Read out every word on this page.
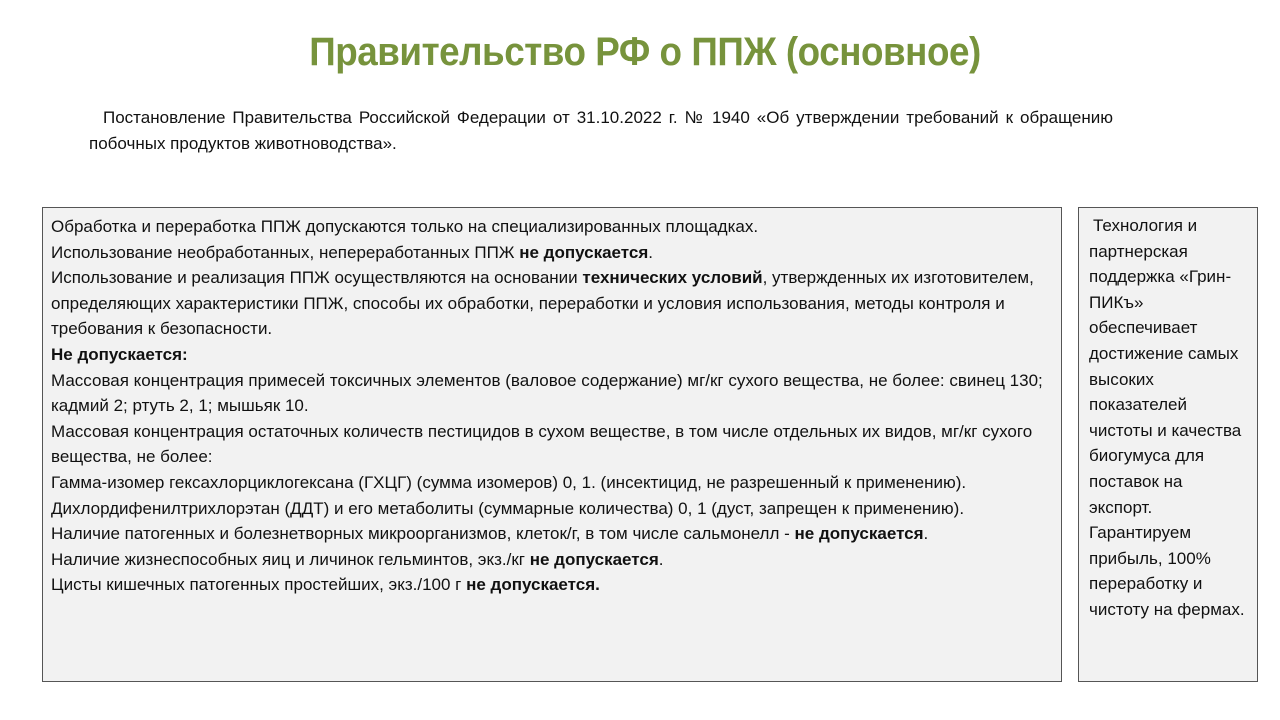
Правительство РФ о ППЖ (основное)

Постановление Правительства Российской Федерации от 31.10.2022 г. № 1940 «Об утверждении требований к обращению побочных продуктов животноводства».

Обработка и переработка ППЖ допускаются только на специализированных площадках.

Использование необработанных, непереработанных ППЖ не допускается.

Использование и реализация ППЖ осуществляются на основании технических условий, утвержденных их изготовителем, определяющих характеристики ППЖ, способы их обработки, переработки и условия использования, методы контроля и требования к безопасности.

Не допускается:

Массовая концентрация примесей токсичных элементов (валовое содержание) мг/кг сухого вещества, не более: свинец 130; кадмий 2; ртуть 2, 1; мышьяк 10.

Массовая концентрация остаточных количеств пестицидов в сухом веществе, в том числе отдельных их видов, мг/кг сухого вещества, не более:

Гамма-изомер гексахлорциклогексана (ГХЦГ) (сумма изомеров) 0, 1. (инсектицид, не разрешенный к применению).

Дихлордифенилтрихлорэтан (ДДТ) и его метаболиты (суммарные количества) 0, 1 (дуст, запрещен к применению).

Наличие патогенных и болезнетворных микроорганизмов, клеток/г, в том числе сальмонелл - не допускается.

Наличие жизнеспособных яиц и личинок гельминтов, экз./кг не допускается.

Цисты кишечных патогенных простейших, экз./100 г не допускается.

Технология и партнерская поддержка «Грин-ПИКъ» обеспечивает достижение самых высоких показателей чистоты и качества биогумуса для поставок на экспорт. Гарантируем прибыль, 100% переработку и чистоту на фермах.
